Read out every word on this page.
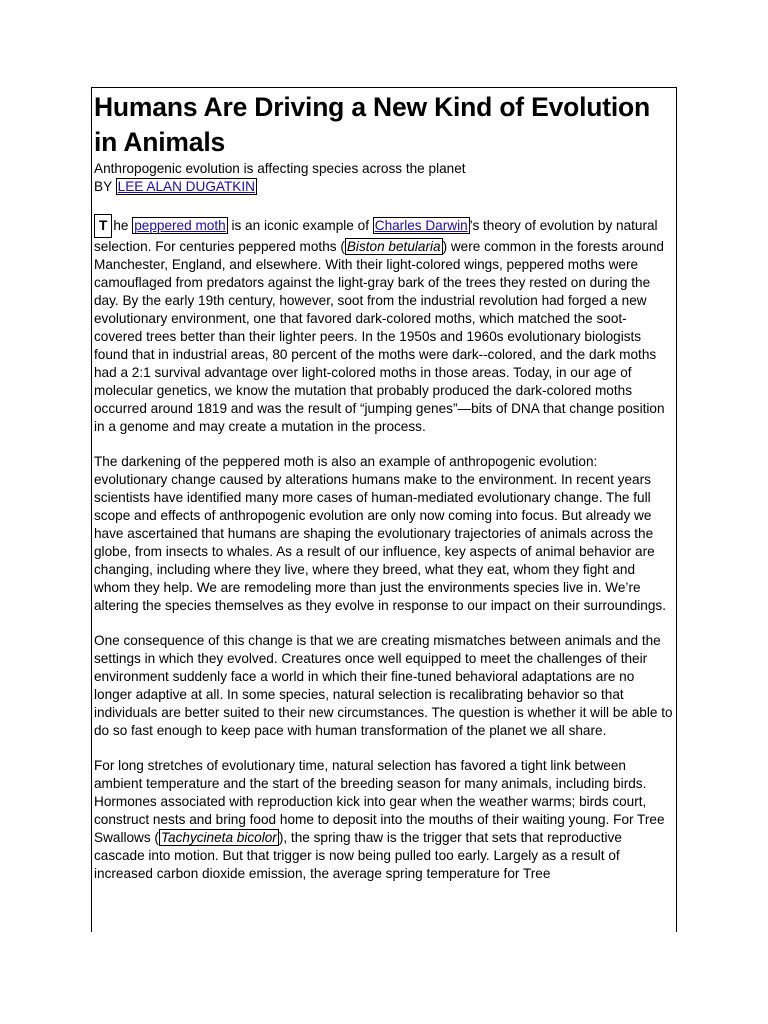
Humans Are Driving a New Kind of Evolution in Animals

Anthropogenic evolution is affecting species across the planet

BY LEE ALAN DUGATKIN

T he peppered moth is an iconic example of Charles Darwin ’s theory of evolution by natural selection. For centuries peppered moths ( Biston betularia ) were common in the forests around Manchester, England, and elsewhere. With their light-colored wings, peppered moths were camouflaged from predators against the light-gray bark of the trees they rested on during the day. By the early 19th century, however, soot from the industrial revolution had forged a new evolutionary environment, one that favored dark-colored moths, which matched the soot-covered trees better than their lighter peers. In the 1950s and 1960s evolutionary biologists found that in industrial areas, 80 percent of the moths were dark--colored, and the dark moths had a 2:1 survival advantage over light-colored moths in those areas. Today, in our age of molecular genetics, we know the mutation that probably produced the dark-colored moths occurred around 1819 and was the result of “jumping genes”—bits of DNA that change position in a genome and may create a mutation in the process.

The darkening of the peppered moth is also an example of anthropogenic evolution: evolutionary change caused by alterations humans make to the environment. In recent years scientists have identified many more cases of human-mediated evolutionary change. The full scope and effects of anthropogenic evolution are only now coming into focus. But already we have ascertained that humans are shaping the evolutionary trajectories of animals across the globe, from insects to whales. As a result of our influence, key aspects of animal behavior are changing, including where they live, where they breed, what they eat, whom they fight and whom they help. We are remodeling more than just the environments species live in. We’re altering the species themselves as they evolve in response to our impact on their surroundings.

One consequence of this change is that we are creating mismatches between animals and the settings in which they evolved. Creatures once well equipped to meet the challenges of their environment suddenly face a world in which their fine-tuned behavioral adaptations are no longer adaptive at all. In some species, natural selection is recalibrating behavior so that individuals are better suited to their new circumstances. The question is whether it will be able to do so fast enough to keep pace with human transformation of the planet we all share.

For long stretches of evolutionary time, natural selection has favored a tight link between ambient temperature and the start of the breeding season for many animals, including birds. Hormones associated with reproduction kick into gear when the weather warms; birds court, construct nests and bring food home to deposit into the mouths of their waiting young. For Tree Swallows ( Tachycineta bicolor ), the spring thaw is the trigger that sets that reproductive cascade into motion. But that trigger is now being pulled too early. Largely as a result of increased carbon dioxide emission, the average spring temperature for Tree
